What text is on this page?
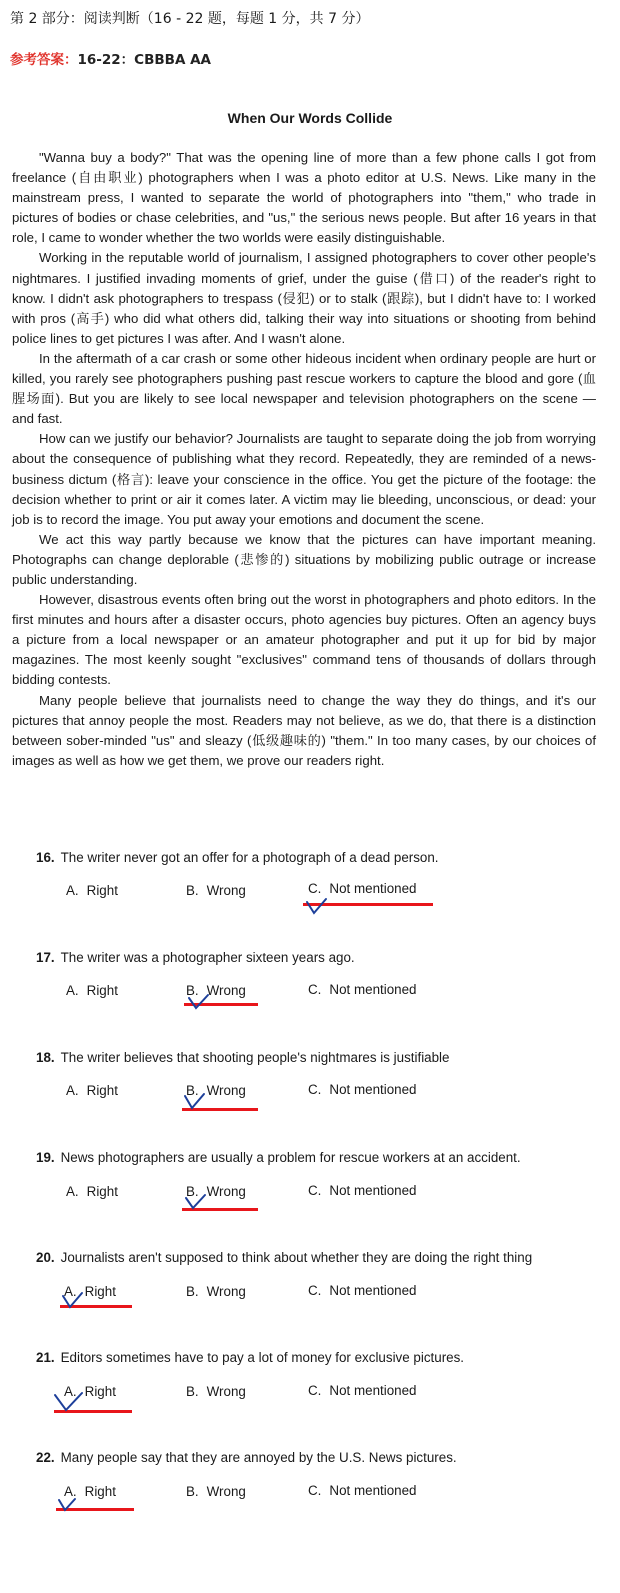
第 2 部分：阅读判断（16 - 22 题，每题 1 分，共 7 分）
参考答案：16-22：CBBBA AA
When Our Words Collide

"Wanna buy a body?" That was the opening line of more than a few phone calls I got from freelance (自由职业) photographers when I was a photo editor at U.S. News. Like many in the mainstream press, I wanted to separate the world of photographers into "them," who trade in pictures of bodies or chase celebrities, and "us," the serious news people. But after 16 years in that role, I came to wonder whether the two worlds were easily distinguishable.

Working in the reputable world of journalism, I assigned photographers to cover other people's nightmares. I justified invading moments of grief, under the guise (借口) of the reader's right to know. I didn't ask photographers to trespass (侵犯) or to stalk (跟踪), but I didn't have to: I worked with pros (高手) who did what others did, talking their way into situations or shooting from behind police lines to get pictures I was after. And I wasn't alone.

In the aftermath of a car crash or some other hideous incident when ordinary people are hurt or killed, you rarely see photographers pushing past rescue workers to capture the blood and gore (血腥场面). But you are likely to see local newspaper and television photographers on the scene — and fast.

How can we justify our behavior? Journalists are taught to separate doing the job from worrying about the consequence of publishing what they record. Repeatedly, they are reminded of a news-business dictum (格言): leave your conscience in the office. You get the picture of the footage: the decision whether to print or air it comes later. A victim may lie bleeding, unconscious, or dead: your job is to record the image. You put away your emotions and document the scene.

We act this way partly because we know that the pictures can have important meaning. Photographs can change deplorable (悲惨的) situations by mobilizing public outrage or increase public understanding.

However, disastrous events often bring out the worst in photographers and photo editors. In the first minutes and hours after a disaster occurs, photo agencies buy pictures. Often an agency buys a picture from a local newspaper or an amateur photographer and put it up for bid by major magazines. The most keenly sought "exclusives" command tens of thousands of dollars through bidding contests.

Many people believe that journalists need to change the way they do things, and it's our pictures that annoy people the most. Readers may not believe, as we do, that there is a distinction between sober-minded "us" and sleazy (低级趣味的) "them." In too many cases, by our choices of images as well as how we get them, we prove our readers right.

16. The writer never got an offer for a photograph of a dead person.
A. Right	B. Wrong	C. Not mentioned
17. The writer was a photographer sixteen years ago.
A. Right	B. Wrong	C. Not mentioned
18. The writer believes that shooting people's nightmares is justifiable
A. Right	B. Wrong	C. Not mentioned
19. News photographers are usually a problem for rescue workers at an accident.
A. Right	B. Wrong	C. Not mentioned
20. Journalists aren't supposed to think about whether they are doing the right thing
A. Right	B. Wrong	C. Not mentioned
21. Editors sometimes have to pay a lot of money for exclusive pictures.
A. Right	B. Wrong	C. Not mentioned
22. Many people say that they are annoyed by the U.S. News pictures.
A. Right	B. Wrong	C. Not mentioned
